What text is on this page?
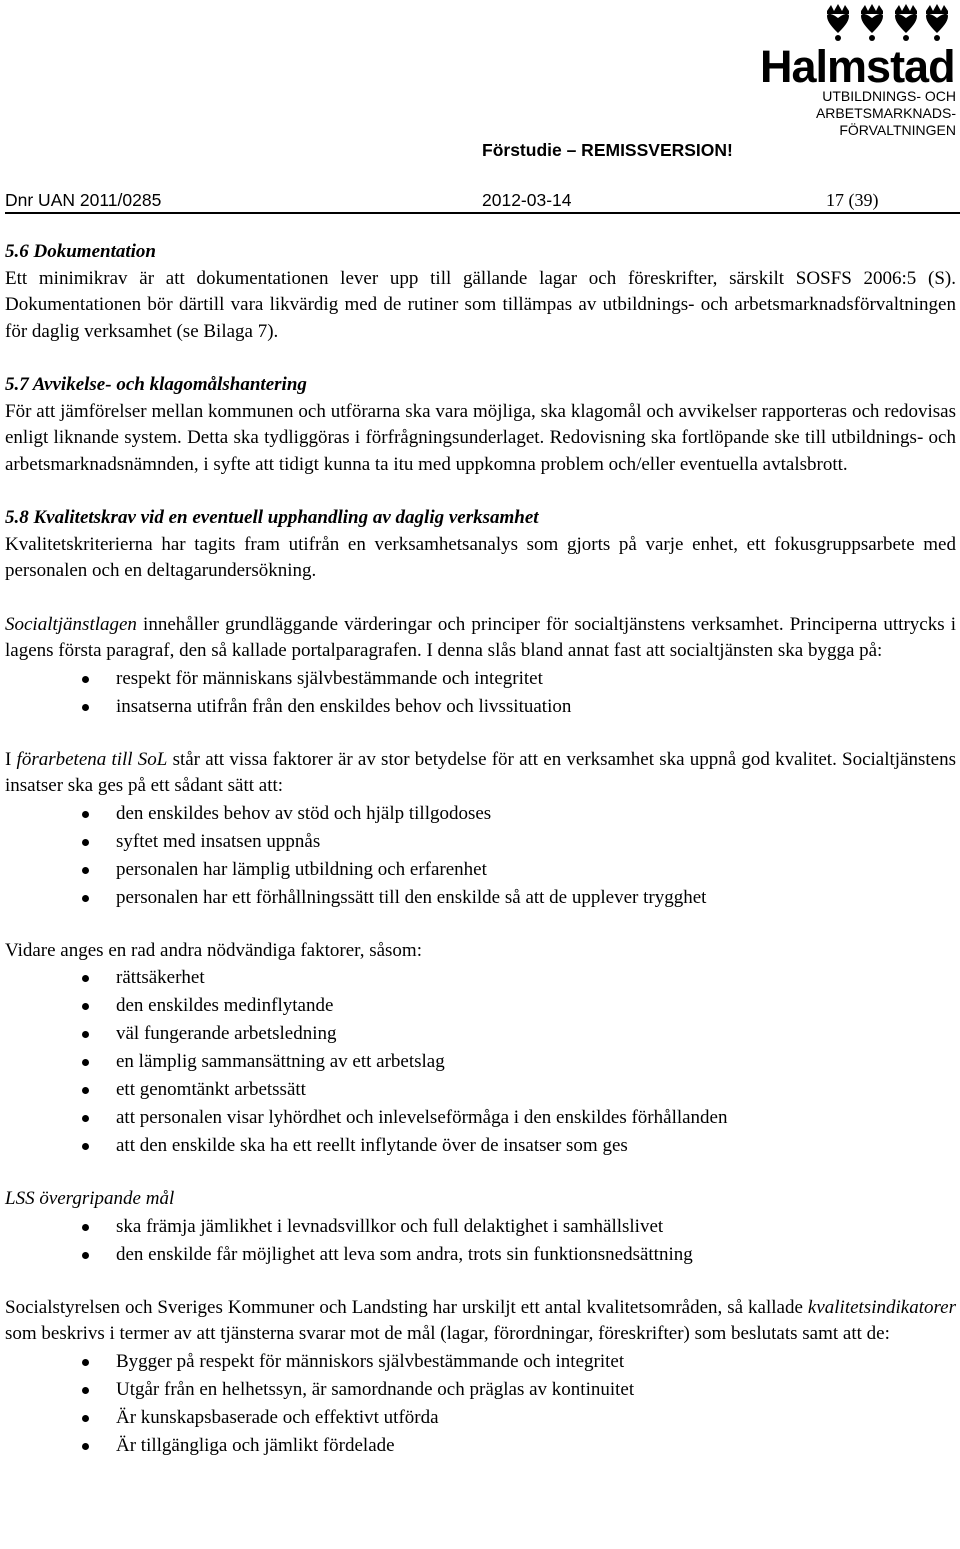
Halmstad
UTBILDNINGS- OCH
ARBETSMARKNADS-
FÖRVALTNINGEN
Förstudie – REMISSVERSION!
Dnr UAN 2011/0285	2012-03-14	17 (39)
5.6 Dokumentation

Ett minimikrav är att dokumentationen lever upp till gällande lagar och föreskrifter, särskilt SOSFS 2006:5 (S). Dokumentationen bör därtill vara likvärdig med de rutiner som tillämpas av utbildnings- och arbetsmarknadsförvaltningen för daglig verksamhet (se Bilaga 7).

5.7 Avvikelse- och klagomålshantering

För att jämförelser mellan kommunen och utförarna ska vara möjliga, ska klagomål och avvikelser rapporteras och redovisas enligt liknande system. Detta ska tydliggöras i förfrågningsunderlaget. Redovisning ska fortlöpande ske till utbildnings- och arbetsmarknadsnämnden, i syfte att tidigt kunna ta itu med uppkomna problem och/eller eventuella avtalsbrott.

5.8 Kvalitetskrav vid en eventuell upphandling av daglig verksamhet

Kvalitetskriterierna har tagits fram utifrån en verksamhetsanalys som gjorts på varje enhet, ett fokusgruppsarbete med personalen och en deltagarundersökning.

Socialtjänstlagen innehåller grundläggande värderingar och principer för socialtjänstens verksamhet. Principerna uttrycks i lagens första paragraf, den så kallade portalparagrafen. I denna slås bland annat fast att socialtjänsten ska bygga på:

respekt för människans självbestämmande och integritet
insatserna utifrån från den enskildes behov och livssituation

I förarbetena till SoL står att vissa faktorer är av stor betydelse för att en verksamhet ska uppnå god kvalitet. Socialtjänstens insatser ska ges på ett sådant sätt att:

den enskildes behov av stöd och hjälp tillgodoses
syftet med insatsen uppnås
personalen har lämplig utbildning och erfarenhet
personalen har ett förhållningssätt till den enskilde så att de upplever trygghet

Vidare anges en rad andra nödvändiga faktorer, såsom:

rättsäkerhet
den enskildes medinflytande
väl fungerande arbetsledning
en lämplig sammansättning av ett arbetslag
ett genomtänkt arbetssätt
att personalen visar lyhördhet och inlevelseförmåga i den enskildes förhållanden
att den enskilde ska ha ett reellt inflytande över de insatser som ges

LSS övergripande mål

ska främja jämlikhet i levnadsvillkor och full delaktighet i samhällslivet
den enskilde får möjlighet att leva som andra, trots sin funktionsnedsättning

Socialstyrelsen och Sveriges Kommuner och Landsting har urskiljt ett antal kvalitetsområden, så kallade kvalitetsindikatorer som beskrivs i termer av att tjänsterna svarar mot de mål (lagar, förordningar, föreskrifter) som beslutats samt att de:

Bygger på respekt för människors självbestämmande och integritet
Utgår från en helhetssyn, är samordnande och präglas av kontinuitet
Är kunskapsbaserade och effektivt utförda
Är tillgängliga och jämlikt fördelade
